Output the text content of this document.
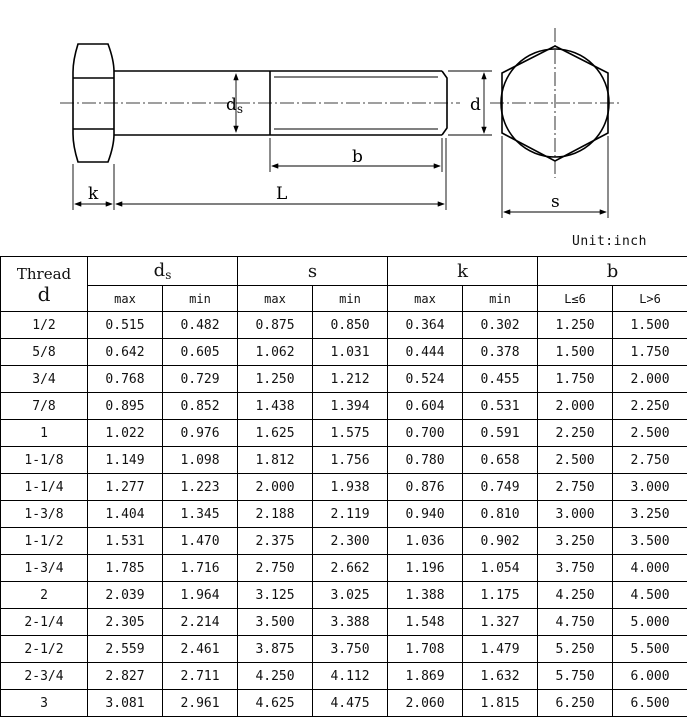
ds	d
b
k	L	s
Unit:inch
Thread
d	$d_s$		s		k		b	
	max	min	max	min	max	min	L≤6	L>6
1/2	0.515	0.482	0.875	0.850	0.364	0.302	1.250	1.500
5/8	0.642	0.605	1.062	1.031	0.444	0.378	1.500	1.750
3/4	0.768	0.729	1.250	1.212	0.524	0.455	1.750	2.000
7/8	0.895	0.852	1.438	1.394	0.604	0.531	2.000	2.250
1	1.022	0.976	1.625	1.575	0.700	0.591	2.250	2.500
1-1/8	1.149	1.098	1.812	1.756	0.780	0.658	2.500	2.750
1-1/4	1.277	1.223	2.000	1.938	0.876	0.749	2.750	3.000
1-3/8	1.404	1.345	2.188	2.119	0.940	0.810	3.000	3.250
1-1/2	1.531	1.470	2.375	2.300	1.036	0.902	3.250	3.500
1-3/4	1.785	1.716	2.750	2.662	1.196	1.054	3.750	4.000
2	2.039	1.964	3.125	3.025	1.388	1.175	4.250	4.500
2-1/4	2.305	2.214	3.500	3.388	1.548	1.327	4.750	5.000
2-1/2	2.559	2.461	3.875	3.750	1.708	1.479	5.250	5.500
2-3/4	2.827	2.711	4.250	4.112	1.869	1.632	5.750	6.000
3	3.081	2.961	4.625	4.475	2.060	1.815	6.250	6.500
